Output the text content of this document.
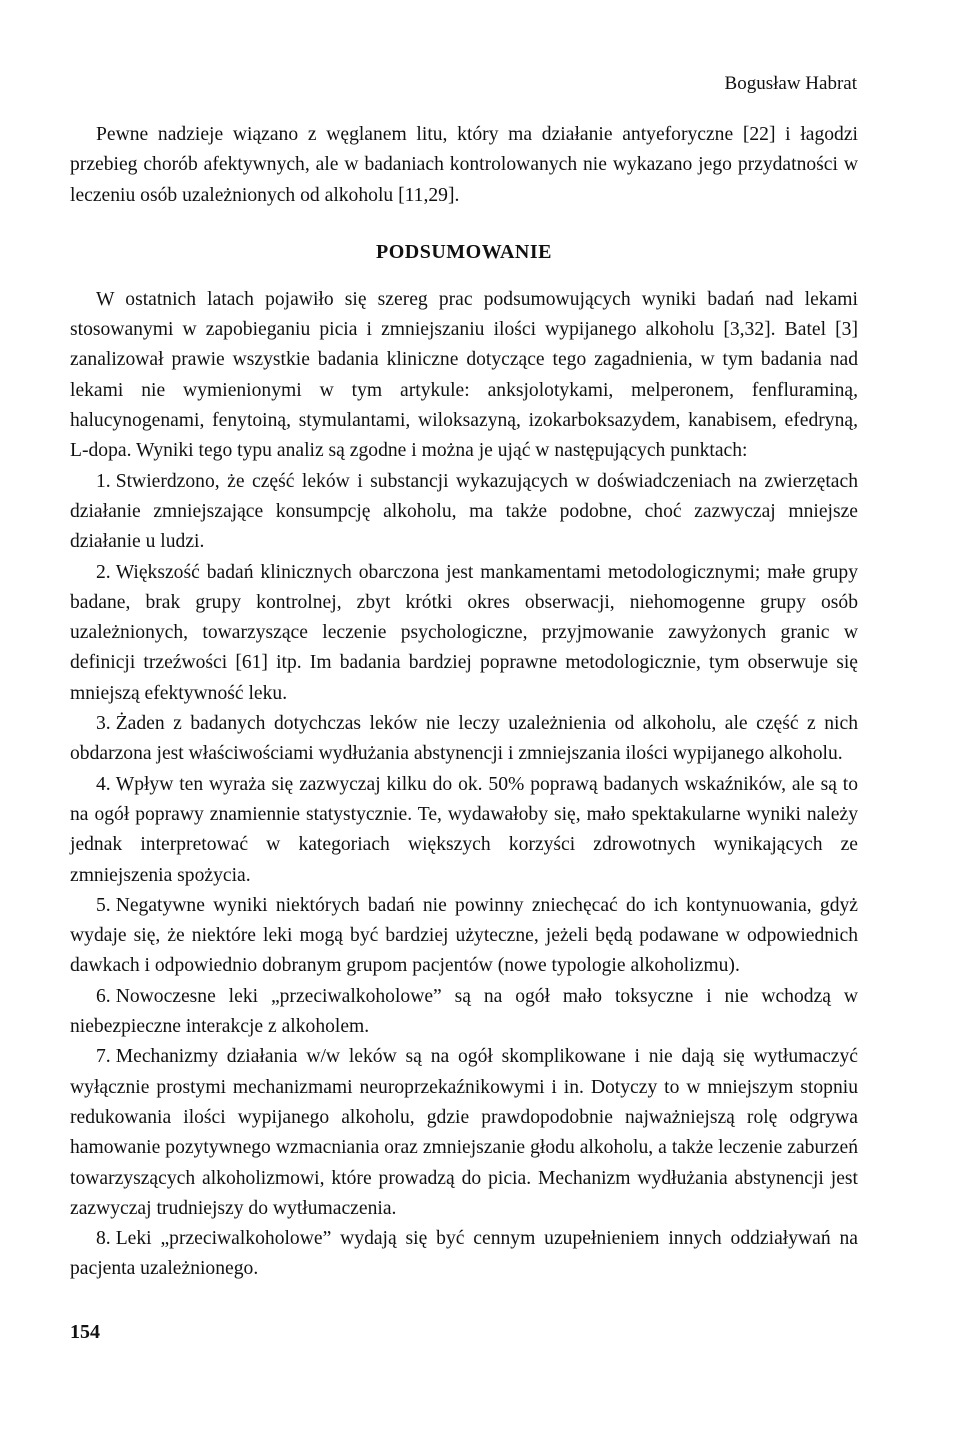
Bogusław Habrat

Pewne nadzieje wiązano z węglanem litu, który ma działanie antyeforyczne [22] i łagodzi przebieg chorób afektywnych, ale w badaniach kontrolowanych nie wykazano jego przydatności w leczeniu osób uzależnionych od alkoholu [11,29].

PODSUMOWANIE

W ostatnich latach pojawiło się szereg prac podsumowujących wyniki badań nad lekami stosowanymi w zapobieganiu picia i zmniejszaniu ilości wypijanego alkoholu [3,32]. Batel [3] zanalizował prawie wszystkie badania kliniczne dotyczące tego zagadnienia, w tym badania nad lekami nie wymienionymi w tym artykule: anksjolotykami, melperonem, fenfluraminą, halucynogenami, fenytoiną, stymulantami, wiloksazyną, izokarboksazydem, kanabisem, efedryną, L-dopa. Wyniki tego typu analiz są zgodne i można je ująć w następujących punktach:

1. Stwierdzono, że część leków i substancji wykazujących w doświadczeniach na zwierzętach działanie zmniejszające konsumpcję alkoholu, ma także podobne, choć zazwyczaj mniejsze działanie u ludzi.

2. Większość badań klinicznych obarczona jest mankamentami metodologicznymi; małe grupy badane, brak grupy kontrolnej, zbyt krótki okres obserwacji, niehomogenne grupy osób uzależnionych, towarzyszące leczenie psychologiczne, przyjmowanie zawyżonych granic w definicji trzeźwości [61] itp. Im badania bardziej poprawne metodologicznie, tym obserwuje się mniejszą efektywność leku.

3. Żaden z badanych dotychczas leków nie leczy uzależnienia od alkoholu, ale część z nich obdarzona jest właściwościami wydłużania abstynencji i zmniejszania ilości wypijanego alkoholu.

4. Wpływ ten wyraża się zazwyczaj kilku do ok. 50% poprawą badanych wskaźników, ale są to na ogół poprawy znamiennie statystycznie. Te, wydawałoby się, mało spektakularne wyniki należy jednak interpretować w kategoriach większych korzyści zdrowotnych wynikających ze zmniejszenia spożycia.

5. Negatywne wyniki niektórych badań nie powinny zniechęcać do ich kontynuowania, gdyż wydaje się, że niektóre leki mogą być bardziej użyteczne, jeżeli będą podawane w odpowiednich dawkach i odpowiednio dobranym grupom pacjentów (nowe typologie alkoholizmu).

6. Nowoczesne leki „przeciwalkoholowe” są na ogół mało toksyczne i nie wchodzą w niebezpieczne interakcje z alkoholem.

7. Mechanizmy działania w/w leków są na ogół skomplikowane i nie dają się wytłumaczyć wyłącznie prostymi mechanizmami neuroprzekaźnikowymi i in. Dotyczy to w mniejszym stopniu redukowania ilości wypijanego alkoholu, gdzie prawdopodobnie najważniejszą rolę odgrywa hamowanie pozytywnego wzmacniania oraz zmniejszanie głodu alkoholu, a także leczenie zaburzeń towarzyszących alkoholizmowi, które prowadzą do picia. Mechanizm wydłużania abstynencji jest zazwyczaj trudniejszy do wytłumaczenia.

8. Leki „przeciwalkoholowe” wydają się być cennym uzupełnieniem innych oddziaływań na pacjenta uzależnionego.

154
